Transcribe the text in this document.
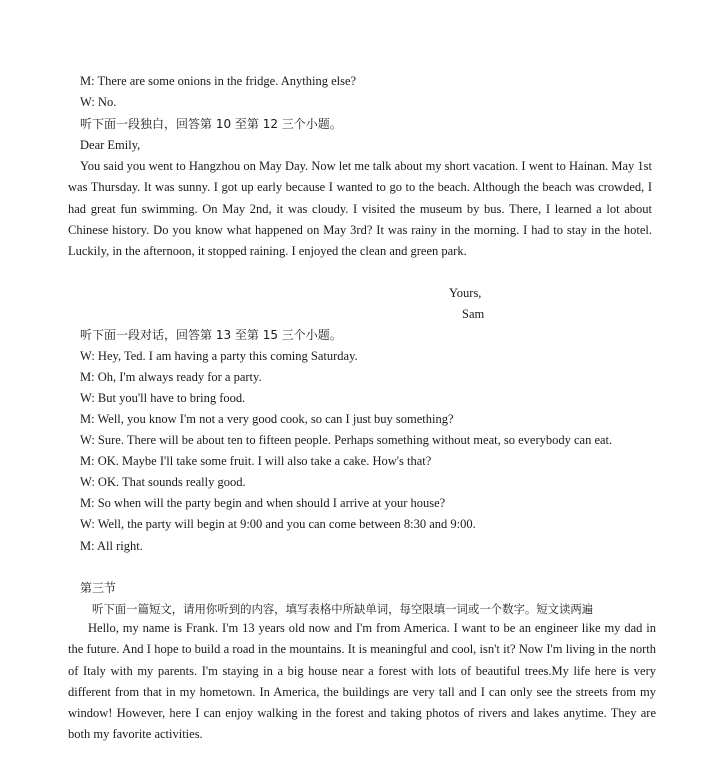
M: There are some onions in the fridge. Anything else?
W: No.
听下面一段独白，回答第 10 至第 12 三个小题。
Dear Emily,
You said you went to Hangzhou on May Day. Now let me talk about my short vacation. I went to Hainan. May 1st was Thursday. It was sunny. I got up early because I wanted to go to the beach. Although the beach was crowded, I had great fun swimming. On May 2nd, it was cloudy. I visited the museum by bus. There, I learned a lot about Chinese history. Do you know what happened on May 3rd? It was rainy in the morning. I had to stay in the hotel. Luckily, in the afternoon, it stopped raining. I enjoyed the clean and green park.
Yours,
Sam
听下面一段对话，回答第 13 至第 15 三个小题。
W: Hey, Ted. I am having a party this coming Saturday.
M: Oh, I'm always ready for a party.
W: But you'll have to bring food.
M: Well, you know I'm not a very good cook, so can I just buy something?
W: Sure. There will be about ten to fifteen people. Perhaps something without meat, so everybody can eat.
M: OK. Maybe I'll take some fruit. I will also take a cake. How's that?
W: OK. That sounds really good.
M: So when will the party begin and when should I arrive at your house?
W: Well, the party will begin at 9:00 and you can come between 8:30 and 9:00.
M: All right.
第三节
听下面一篇短文，请用你听到的内容，填写表格中所缺单词，每空限填一词或一个数字。短文读两遍
Hello, my name is Frank. I'm 13 years old now and I'm from America. I want to be an engineer like my dad in the future. And I hope to build a road in the mountains. It is meaningful and cool, isn't it? Now I'm living in the north of Italy with my parents. I'm staying in a big house near a forest with lots of beautiful trees.My life here is very different from that in my hometown. In America, the buildings are very tall and I can only see the streets from my window! However, here I can enjoy walking in the forest and taking photos of rivers and lakes anytime. They are both my favorite activities.
